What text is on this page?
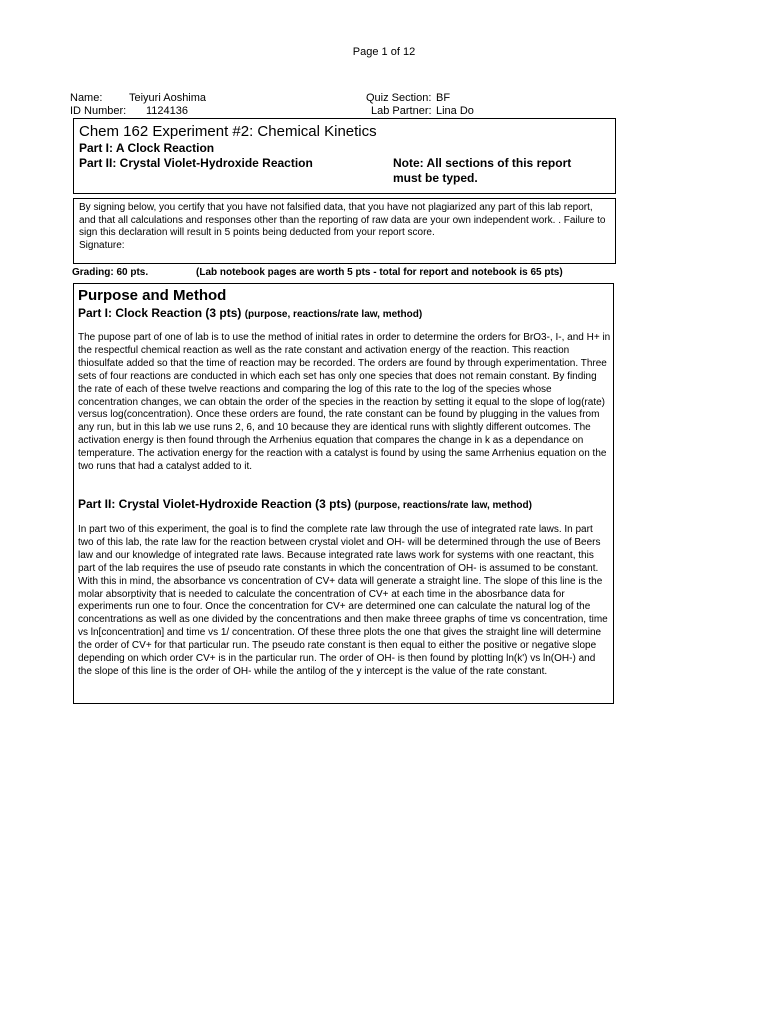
Page 1 of 12
Name: Teiyuri Aoshima
ID Number: 1124136
Quiz Section: BF
Lab Partner: Lina Do
Chem 162 Experiment #2: Chemical Kinetics
Part I: A Clock Reaction
Part II: Crystal Violet-Hydroxide Reaction	Note: All sections of this report must be typed.
By signing below, you certify that you have not falsified data, that you have not plagiarized any part of this lab report, and that all calculations and responses other than the reporting of raw data are your own independent work. . Failure to sign this declaration will result in 5 points being deducted from your report score.
Signature:
Grading: 60 pts.	(Lab notebook pages are worth 5 pts - total for report and notebook is 65 pts)
Purpose and Method
Part I: Clock Reaction (3 pts) (purpose, reactions/rate law, method)
The pupose part of one of lab is to use the method of initial rates in order to determine the orders for BrO3-, I-, and H+ in the respectful chemical reaction as well as the rate constant and activation energy of the reaction. This reaction thiosulfate added so that the time of reaction may be recorded. The orders are found by through experimentation. Three sets of four reactions are conducted in which each set has only one species that does not remain constant. By finding the rate of each of these twelve reactions and comparing the log of this rate to the log of the species whose concentration changes, we can obtain the order of the species in the reaction by setting it equal to the slope of log(rate) versus log(concentration). Once these orders are found, the rate constant can be found by plugging in the values from any run, but in this lab we use runs 2, 6, and 10 because they are identical runs with slightly different outcomes. The activation energy is then found through the Arrhenius equation that compares the change in k as a dependance on temperature. The activation energy for the reaction with a catalyst is found by using the same Arrhenius equation on the two runs that had a catalyst added to it.
Part II: Crystal Violet-Hydroxide Reaction (3 pts) (purpose, reactions/rate law, method)
In part two of this experiment, the goal is to find the complete rate law through the use of integrated rate laws. In part two of this lab, the rate law for the reaction between crystal violet and OH- will be determined through the use of Beers law and our knowledge of integrated rate laws. Because integrated rate laws work for systems with one reactant, this part of the lab requires the use of pseudo rate constants in which the concentration of OH- is assumed to be constant. With this in mind, the absorbance vs concentration of CV+ data will generate a straight line. The slope of this line is the molar absorptivity that is needed to calculate the concentration of CV+ at each time in the abosrbance data for experiments run one to four. Once the concentration for CV+ are determined one can calculate the natural log of the concentrations as well as one divided by the concentrations and then make threee graphs of time vs concentration, time vs ln[concentration] and time vs 1/ concentration. Of these three plots the one that gives the straight line will determine the order of CV+ for that particular run. The pseudo rate constant is then equal to either the positive or negative slope depending on which order CV+ is in the particular run. The order of OH- is then found by plotting ln(k') vs ln(OH-) and the slope of this line is the order of OH- while the antilog of the y intercept is the value of the rate constant.
